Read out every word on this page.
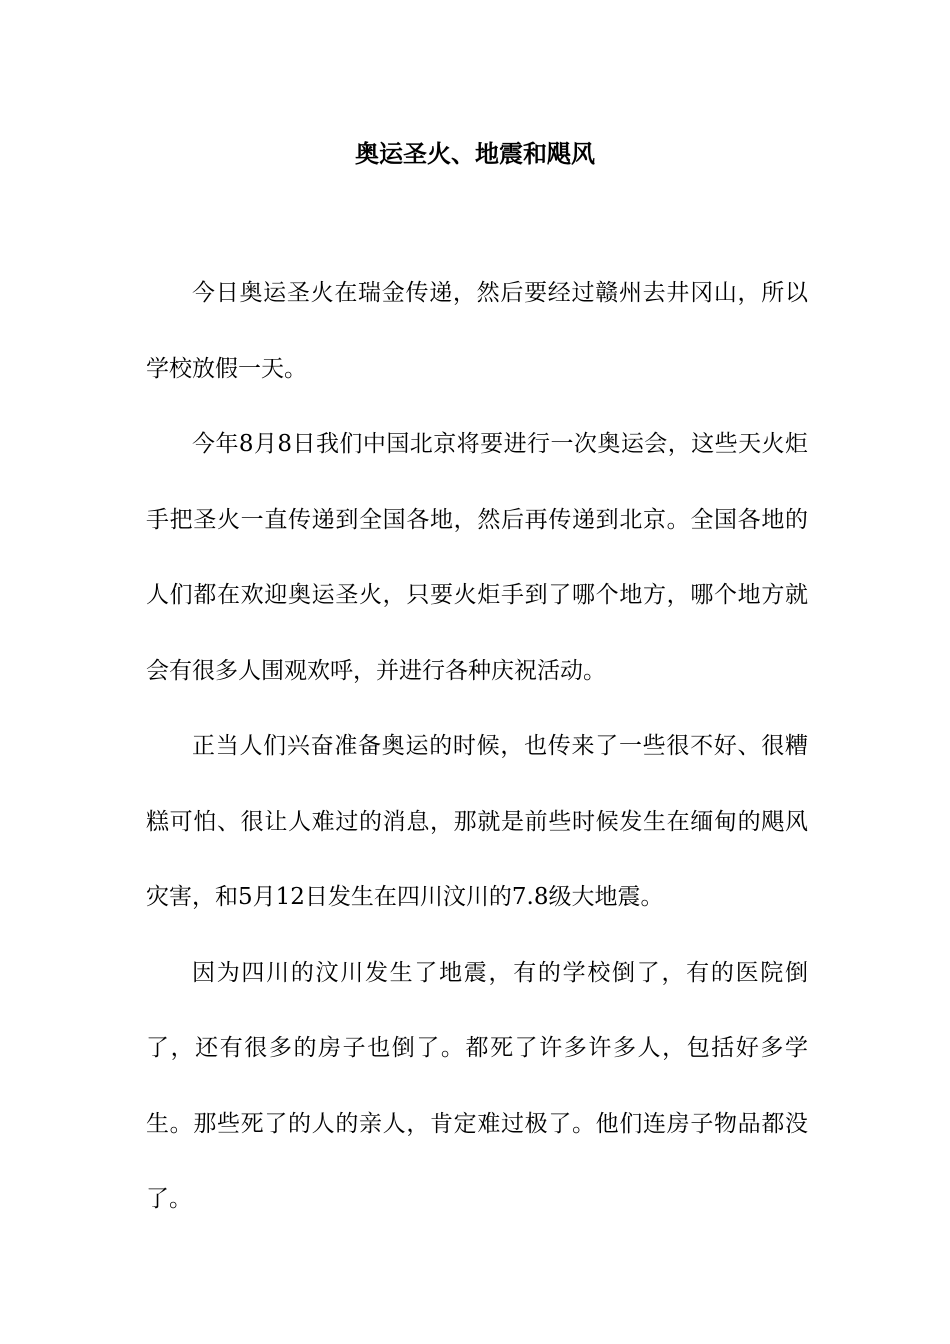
奥运圣火、地震和飓风

今日奥运圣火在瑞金传递，然后要经过赣州去井冈山，所以学校放假一天。

今年8月8日我们中国北京将要进行一次奥运会，这些天火炬手把圣火一直传递到全国各地，然后再传递到北京。全国各地的人们都在欢迎奥运圣火，只要火炬手到了哪个地方，哪个地方就会有很多人围观欢呼，并进行各种庆祝活动。

正当人们兴奋准备奥运的时候，也传来了一些很不好、很糟糕可怕、很让人难过的消息，那就是前些时候发生在缅甸的飓风灾害，和5月12日发生在四川汶川的7.8级大地震。

因为四川的汶川发生了地震，有的学校倒了，有的医院倒了，还有很多的房子也倒了。都死了许多许多人，包括好多学生。那些死了的人的亲人，肯定难过极了。他们连房子物品都没了。
